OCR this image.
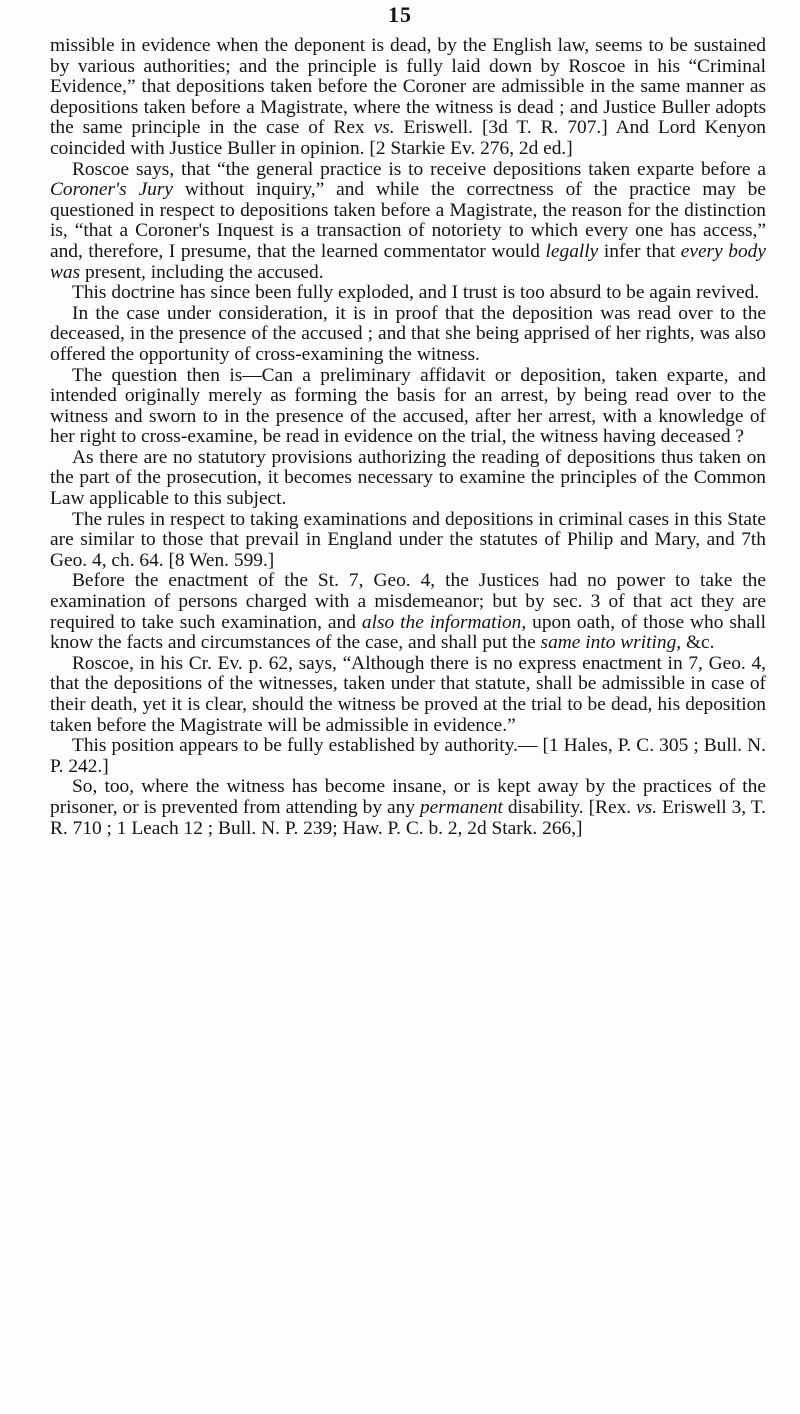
15

missible in evidence when the deponent is dead, by the English law, seems to be sustained by various authorities; and the principle is fully laid down by Roscoe in his “Criminal Evidence,” that depositions taken before the Coroner are admissible in the same manner as depositions taken before a Magistrate, where the witness is dead ; and Justice Buller adopts the same principle in the case of Rex vs. Eriswell. [3d T. R. 707.] And Lord Kenyon coincided with Justice Buller in opinion. [2 Starkie Ev. 276, 2d ed.]

Roscoe says, that “the general practice is to receive depositions taken exparte before a Coroner's Jury without inquiry,” and while the correctness of the practice may be questioned in respect to depositions taken before a Magistrate, the reason for the distinction is, “that a Coroner's Inquest is a transaction of notoriety to which every one has access,” and, therefore, I presume, that the learned commentator would legally infer that every body was present, including the accused.

This doctrine has since been fully exploded, and I trust is too absurd to be again revived.

In the case under consideration, it is in proof that the deposition was read over to the deceased, in the presence of the accused ; and that she being apprised of her rights, was also offered the opportunity of cross-examining the witness.

The question then is—Can a preliminary affidavit or deposition, taken exparte, and intended originally merely as forming the basis for an arrest, by being read over to the witness and sworn to in the presence of the accused, after her arrest, with a knowledge of her right to cross-examine, be read in evidence on the trial, the witness having deceased ?

As there are no statutory provisions authorizing the reading of depositions thus taken on the part of the prosecution, it becomes necessary to examine the principles of the Common Law applicable to this subject.

The rules in respect to taking examinations and depositions in criminal cases in this State are similar to those that prevail in England under the statutes of Philip and Mary, and 7th Geo. 4, ch. 64. [8 Wen. 599.]

Before the enactment of the St. 7, Geo. 4, the Justices had no power to take the examination of persons charged with a misdemeanor; but by sec. 3 of that act they are required to take such examination, and also the information, upon oath, of those who shall know the facts and circumstances of the case, and shall put the same into writing, &c.

Roscoe, in his Cr. Ev. p. 62, says, “Although there is no express enactment in 7, Geo. 4, that the depositions of the witnesses, taken under that statute, shall be admissible in case of their death, yet it is clear, should the witness be proved at the trial to be dead, his deposition taken before the Magistrate will be admissible in evidence.”

This position appears to be fully established by authority.— [1 Hales, P. C. 305 ; Bull. N. P. 242.]

So, too, where the witness has become insane, or is kept away by the practices of the prisoner, or is prevented from attending by any permanent disability. [Rex. vs. Eriswell 3, T. R. 710 ; 1 Leach 12 ; Bull. N. P. 239; Haw. P. C. b. 2, 2d Stark. 266,]
